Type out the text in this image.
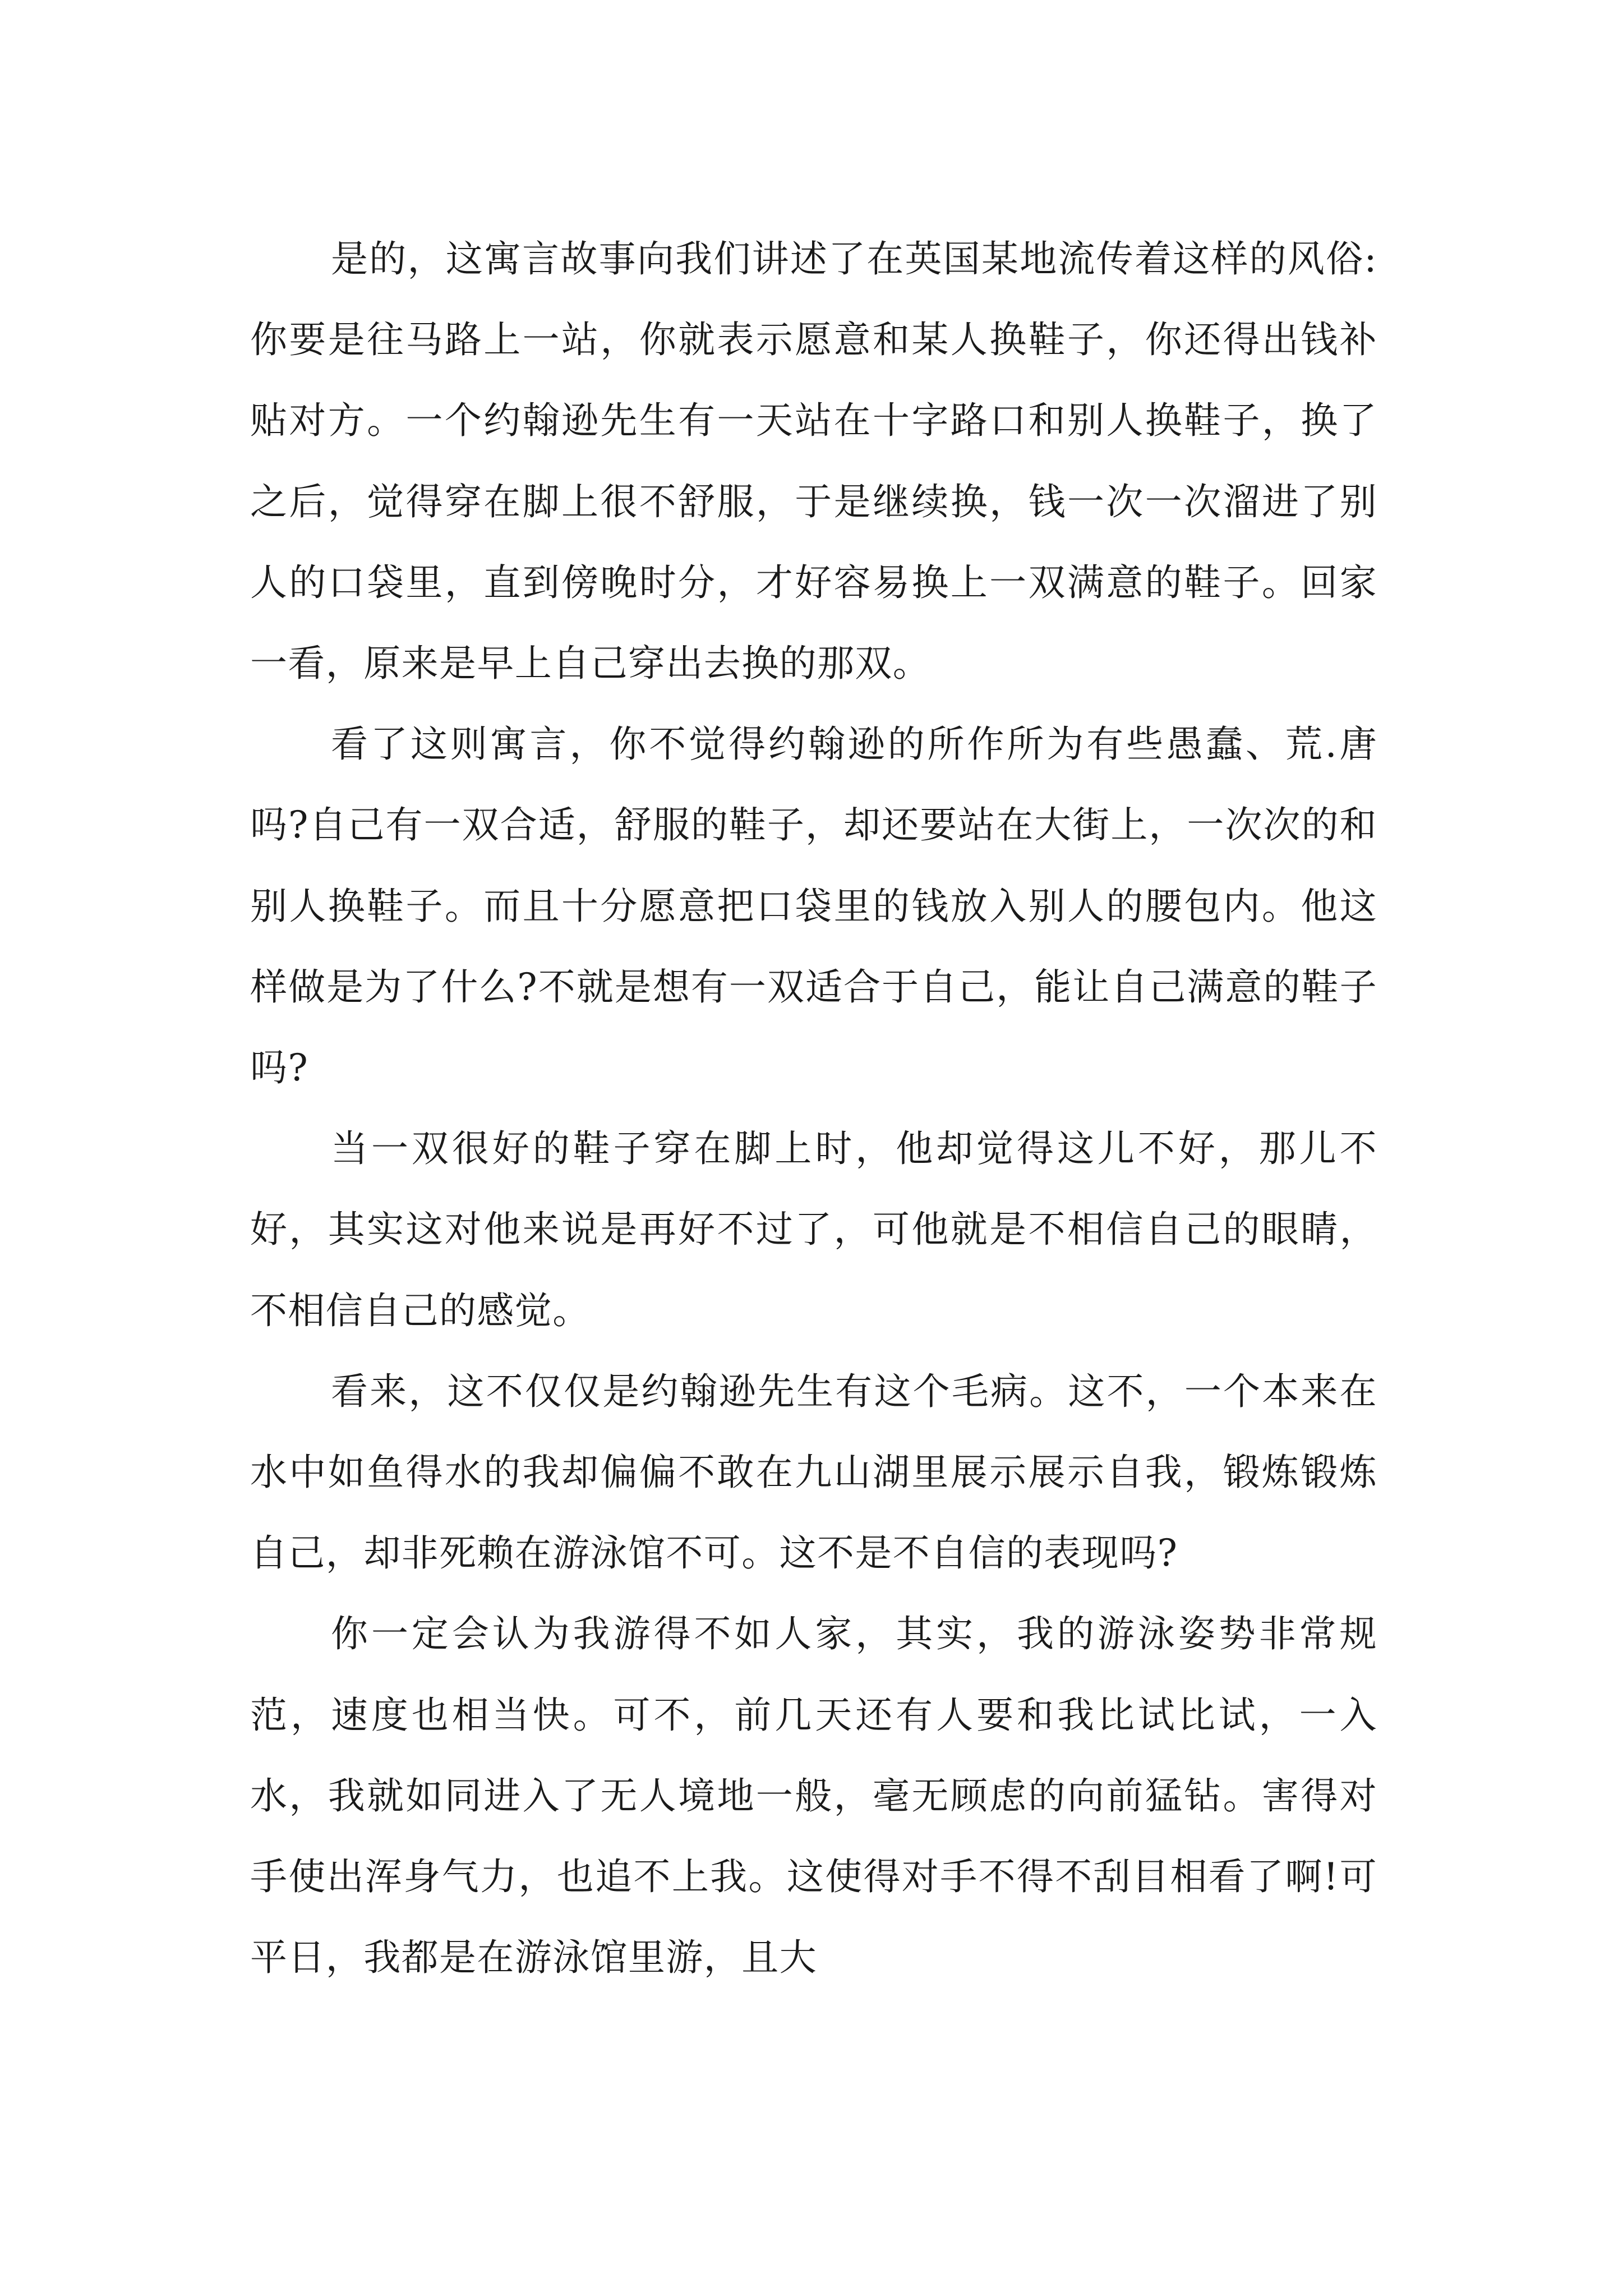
是的，这寓言故事向我们讲述了在英国某地流传着这样的风俗:你要是往马路上一站，你就表示愿意和某人换鞋子，你还得出钱补贴对方。一个约翰逊先生有一天站在十字路口和别人换鞋子，换了之后，觉得穿在脚上很不舒服，于是继续换，钱一次一次溜进了别人的口袋里，直到傍晚时分，才好容易换上一双满意的鞋子。回家一看，原来是早上自己穿出去换的那双。

看了这则寓言，你不觉得约翰逊的所作所为有些愚蠢、荒.唐吗?自己有一双合适，舒服的鞋子，却还要站在大街上，一次次的和别人换鞋子。而且十分愿意把口袋里的钱放入别人的腰包内。他这样做是为了什么?不就是想有一双适合于自己，能让自己满意的鞋子吗?

当一双很好的鞋子穿在脚上时，他却觉得这儿不好，那儿不好，其实这对他来说是再好不过了，可他就是不相信自己的眼睛，不相信自己的感觉。

看来，这不仅仅是约翰逊先生有这个毛病。这不，一个本来在水中如鱼得水的我却偏偏不敢在九山湖里展示展示自我，锻炼锻炼自己，却非死赖在游泳馆不可。这不是不自信的表现吗?

你一定会认为我游得不如人家，其实，我的游泳姿势非常规范，速度也相当快。可不，前几天还有人要和我比试比试，一入水，我就如同进入了无人境地一般，毫无顾虑的向前猛钻。害得对手使出浑身气力，也追不上我。这使得对手不得不刮目相看了啊!可平日，我都是在游泳馆里游，且大
